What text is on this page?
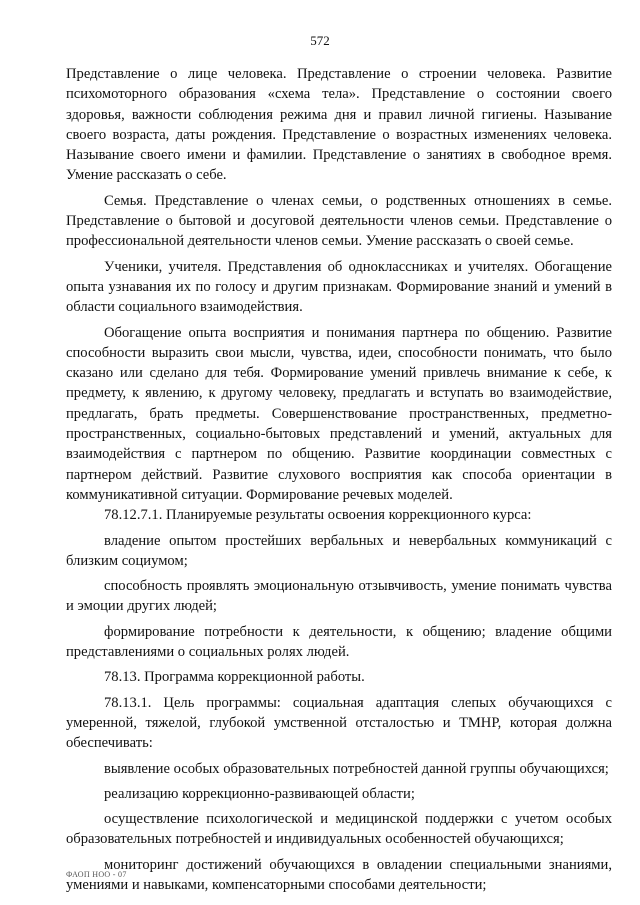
572

Представление о лице человека. Представление о строении человека. Развитие психомоторного образования «схема тела». Представление о состоянии своего здоровья, важности соблюдения режима дня и правил личной гигиены. Называние своего возраста, даты рождения. Представление о возрастных изменениях человека. Называние своего имени и фамилии. Представление о занятиях в свободное время. Умение рассказать о себе.

Семья. Представление о членах семьи, о родственных отношениях в семье. Представление о бытовой и досуговой деятельности членов семьи. Представление о профессиональной деятельности членов семьи. Умение рассказать о своей семье.

Ученики, учителя. Представления об одноклассниках и учителях. Обогащение опыта узнавания их по голосу и другим признакам. Формирование знаний и умений в области социального взаимодействия.

Обогащение опыта восприятия и понимания партнера по общению. Развитие способности выразить свои мысли, чувства, идеи, способности понимать, что было сказано или сделано для тебя. Формирование умений привлечь внимание к себе, к предмету, к явлению, к другому человеку, предлагать и вступать во взаимодействие, предлагать, брать предметы. Совершенствование пространственных, предметно-пространственных, социально-бытовых представлений и умений, актуальных для взаимодействия с партнером по общению. Развитие координации совместных с партнером действий. Развитие слухового восприятия как способа ориентации в коммуникативной ситуации. Формирование речевых моделей.

78.12.7.1. Планируемые результаты освоения коррекционного курса:

владение опытом простейших вербальных и невербальных коммуникаций с близким социумом;

способность проявлять эмоциональную отзывчивость, умение понимать чувства и эмоции других людей;

формирование потребности к деятельности, к общению; владение общими представлениями о социальных ролях людей.

78.13. Программа коррекционной работы.

78.13.1. Цель программы: социальная адаптация слепых обучающихся с умеренной, тяжелой, глубокой умственной отсталостью и ТМНР, которая должна обеспечивать:

выявление особых образовательных потребностей данной группы обучающихся;

реализацию коррекционно-развивающей области;

осуществление психологической и медицинской поддержки с учетом особых образовательных потребностей и индивидуальных особенностей обучающихся;

мониторинг достижений обучающихся в овладении специальными знаниями, умениями и навыками, компенсаторными способами деятельности;

ФАОП НОО - 07
